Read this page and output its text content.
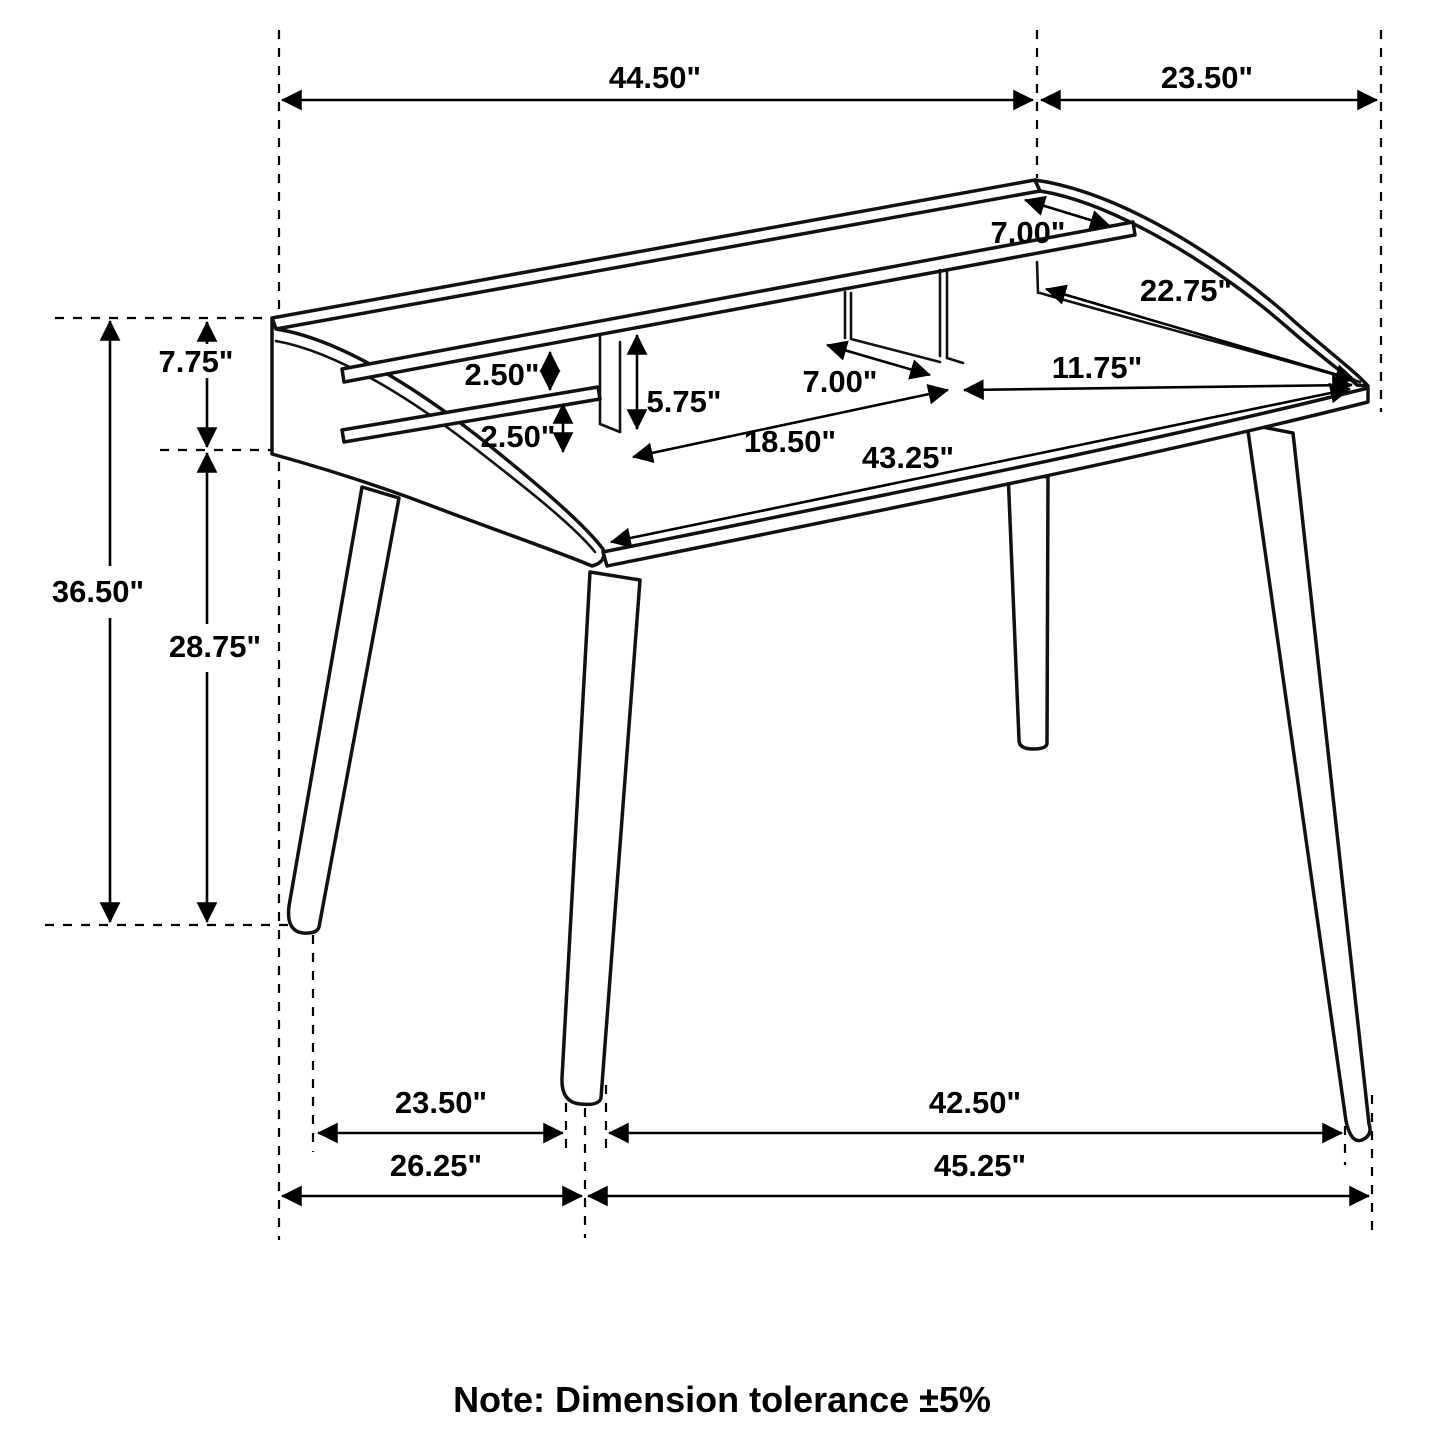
44.50"	23.50"
7.00"
22.75"
7.75"	2.50"
2.50"
5.75"
7.00"
18.50"
11.75"
43.25"
36.50"
28.75"
23.50"	42.50"
26.25"	45.25"
Note: Dimension tolerance ±5%
